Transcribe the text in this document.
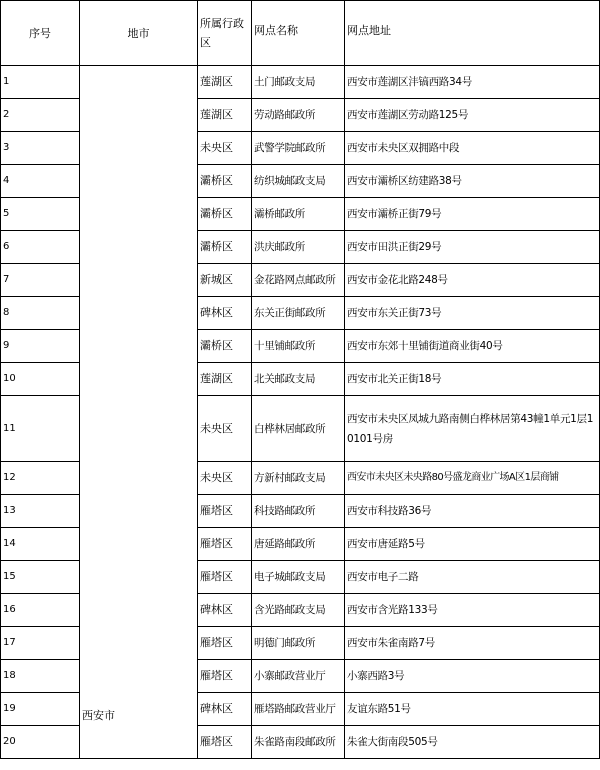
序号	地市	所属行政区	网点名称	网点地址
1	西安市	莲湖区	土门邮政支局	西安市莲湖区沣镐西路34号
2		莲湖区	劳动路邮政所	西安市莲湖区劳动路125号
3		未央区	武警学院邮政所	西安市未央区双拥路中段
4		灞桥区	纺织城邮政支局	西安市灞桥区纺建路38号
5		灞桥区	灞桥邮政所	西安市灞桥正街79号
6		灞桥区	洪庆邮政所	西安市田洪正街29号
7		新城区	金花路网点邮政所	西安市金花北路248号
8		碑林区	东关正街邮政所	西安市东关正街73号
9		灞桥区	十里铺邮政所	西安市东郊十里铺街道商业街40号
10		莲湖区	北关邮政支局	西安市北关正街18号
11		未央区	白桦林居邮政所	西安市未央区凤城九路南侧白桦林居第43幢1单元1层10101号房
12		未央区	方新村邮政支局	西安市未央区未央路80号盛龙商业广场A区1层商铺
13		雁塔区	科技路邮政所	西安市科技路36号
14		雁塔区	唐延路邮政所	西安市唐延路5号
15		雁塔区	电子城邮政支局	西安市电子二路
16		碑林区	含光路邮政支局	西安市含光路133号
17		雁塔区	明德门邮政所	西安市朱雀南路7号
18		雁塔区	小寨邮政营业厅	小寨西路3号
19		碑林区	雁塔路邮政营业厅	友谊东路51号
20		雁塔区	朱雀路南段邮政所	朱雀大街南段505号
